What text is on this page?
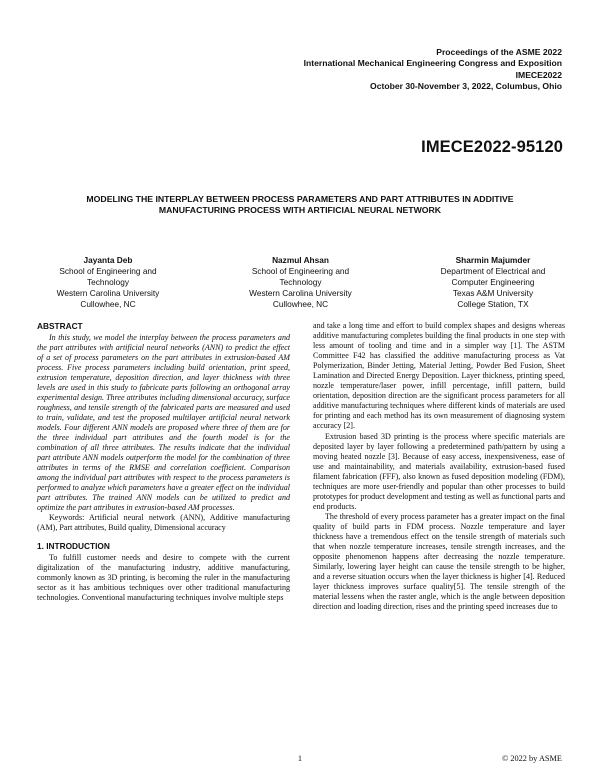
Proceedings of the ASME 2022
International Mechanical Engineering Congress and Exposition
IMECE2022
October 30-November 3, 2022, Columbus, Ohio
IMECE2022-95120
MODELING THE INTERPLAY BETWEEN PROCESS PARAMETERS AND PART ATTRIBUTES IN ADDITIVE MANUFACTURING PROCESS WITH ARTIFICIAL NEURAL NETWORK
Jayanta Deb
School of Engineering and
Technology
Western Carolina University
Cullowhee, NC
Nazmul Ahsan
School of Engineering and
Technology
Western Carolina University
Cullowhee, NC
Sharmin Majumder
Department of Electrical and
Computer Engineering
Texas A&M University
College Station, TX
ABSTRACT

In this study, we model the interplay between the process parameters and the part attributes with artificial neural networks (ANN) to predict the effect of a set of process parameters on the part attributes in extrusion-based AM process. Five process parameters including build orientation, print speed, extrusion temperature, deposition direction, and layer thickness with three levels are used in this study to fabricate parts following an orthogonal array experimental design. Three attributes including dimensional accuracy, surface roughness, and tensile strength of the fabricated parts are measured and used to train, validate, and test the proposed multilayer artificial neural network models. Four different ANN models are proposed where three of them are for the three individual part attributes and the fourth model is for the combination of all three attributes. The results indicate that the individual part attribute ANN models outperform the model for the combination of three attributes in terms of the RMSE and correlation coefficient. Comparison among the individual part attributes with respect to the process parameters is performed to analyze which parameters have a greater effect on the individual part attributes. The trained ANN models can be utilized to predict and optimize the part attributes in extrusion-based AM processes.

Keywords: Artificial neural network (ANN), Additive manufacturing (AM), Part attributes, Build quality, Dimensional accuracy

1. INTRODUCTION

To fulfill customer needs and desire to compete with the current digitalization of the manufacturing industry, additive manufacturing, commonly known as 3D printing, is becoming the ruler in the manufacturing sector as it has ambitious techniques over other traditional manufacturing technologies. Conventional manufacturing techniques involve multiple steps

and take a long time and effort to build complex shapes and designs whereas additive manufacturing completes building the final products in one step with less amount of tooling and time and in a simpler way [1]. The ASTM Committee F42 has classified the additive manufacturing process as Vat Polymerization, Binder Jetting, Material Jetting, Powder Bed Fusion, Sheet Lamination and Directed Energy Deposition. Layer thickness, printing speed, nozzle temperature/laser power, infill percentage, infill pattern, build orientation, deposition direction are the significant process parameters for all additive manufacturing techniques where different kinds of materials are used for printing and each method has its own measurement of diagnosing system accuracy [2].

Extrusion based 3D printing is the process where specific materials are deposited layer by layer following a predetermined path/pattern by using a moving heated nozzle [3]. Because of easy access, inexpensiveness, ease of use and maintainability, and materials availability, extrusion-based fused filament fabrication (FFF), also known as fused deposition modeling (FDM), techniques are more user-friendly and popular than other processes to build prototypes for product development and testing as well as functional parts and end products.

The threshold of every process parameter has a greater impact on the final quality of build parts in FDM process. Nozzle temperature and layer thickness have a tremendous effect on the tensile strength of materials such that when nozzle temperature increases, tensile strength increases, and the opposite phenomenon happens after decreasing the nozzle temperature. Similarly, lowering layer height can cause the tensile strength to be higher, and a reverse situation occurs when the layer thickness is higher [4]. Reduced layer thickness improves surface quality[5]. The tensile strength of the material lessens when the raster angle, which is the angle between deposition direction and loading direction, rises and the printing speed increases due to

1	© 2022 by ASME
